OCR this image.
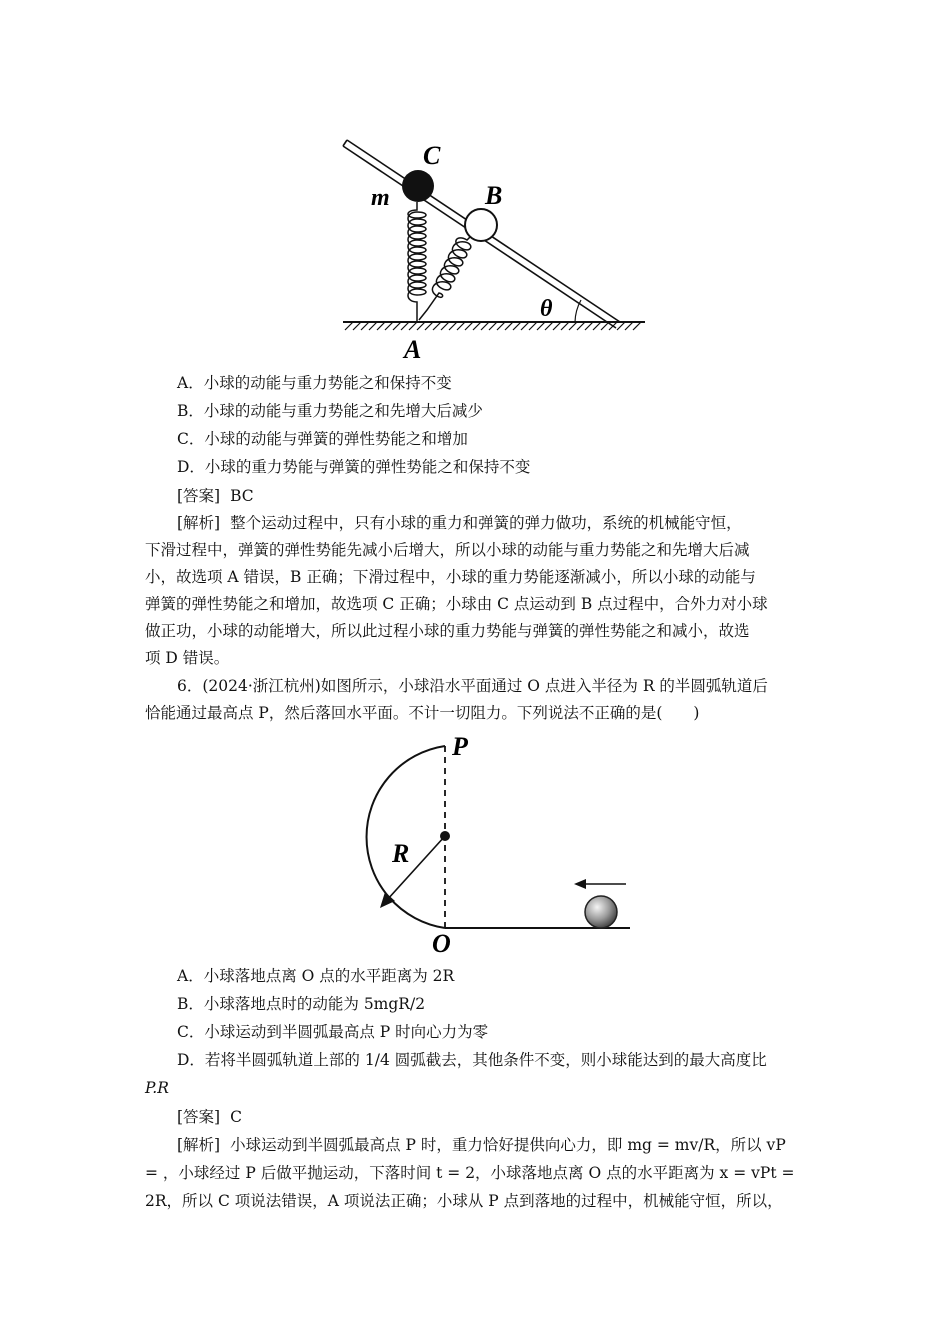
C
B
m
θ
A
A．小球的动能与重力势能之和保持不变
B．小球的动能与重力势能之和先增大后减少
C．小球的动能与弹簧的弹性势能之和增加
D．小球的重力势能与弹簧的弹性势能之和保持不变
[答案] BC
[解析] 整个运动过程中，只有小球的重力和弹簧的弹力做功，系统的机械能守恒，
下滑过程中，弹簧的弹性势能先减小后增大，所以小球的动能与重力势能之和先增大后减
小，故选项 A 错误，B 正确；下滑过程中，小球的重力势能逐渐减小，所以小球的动能与
弹簧的弹性势能之和增加，故选项 C 正确；小球由 C 点运动到 B 点过程中，合外力对小球
做正功，小球的动能增大，所以此过程小球的重力势能与弹簧的弹性势能之和减小，故选
项 D 错误。
6．(2024·浙江杭州)如图所示，小球沿水平面通过 O 点进入半径为 R 的半圆弧轨道后
恰能通过最高点 P，然后落回水平面。不计一切阻力。下列说法不正确的是(　　)
P
R
O
A．小球落地点离 O 点的水平距离为 2R
B．小球落地点时的动能为 5mgR/2
C．小球运动到半圆弧最高点 P 时向心力为零
D．若将半圆弧轨道上部的 1/4 圆弧截去，其他条件不变，则小球能达到的最大高度比
P.R
[答案] C
[解析] 小球运动到半圆弧最高点 P 时，重力恰好提供向心力，即 mg = mv/R，所以 vP
= ，小球经过 P 后做平抛运动，下落时间 t = 2，小球落地点离 O 点的水平距离为 x = vPt =
2R，所以 C 项说法错误，A 项说法正确；小球从 P 点到落地的过程中，机械能守恒，所以，
